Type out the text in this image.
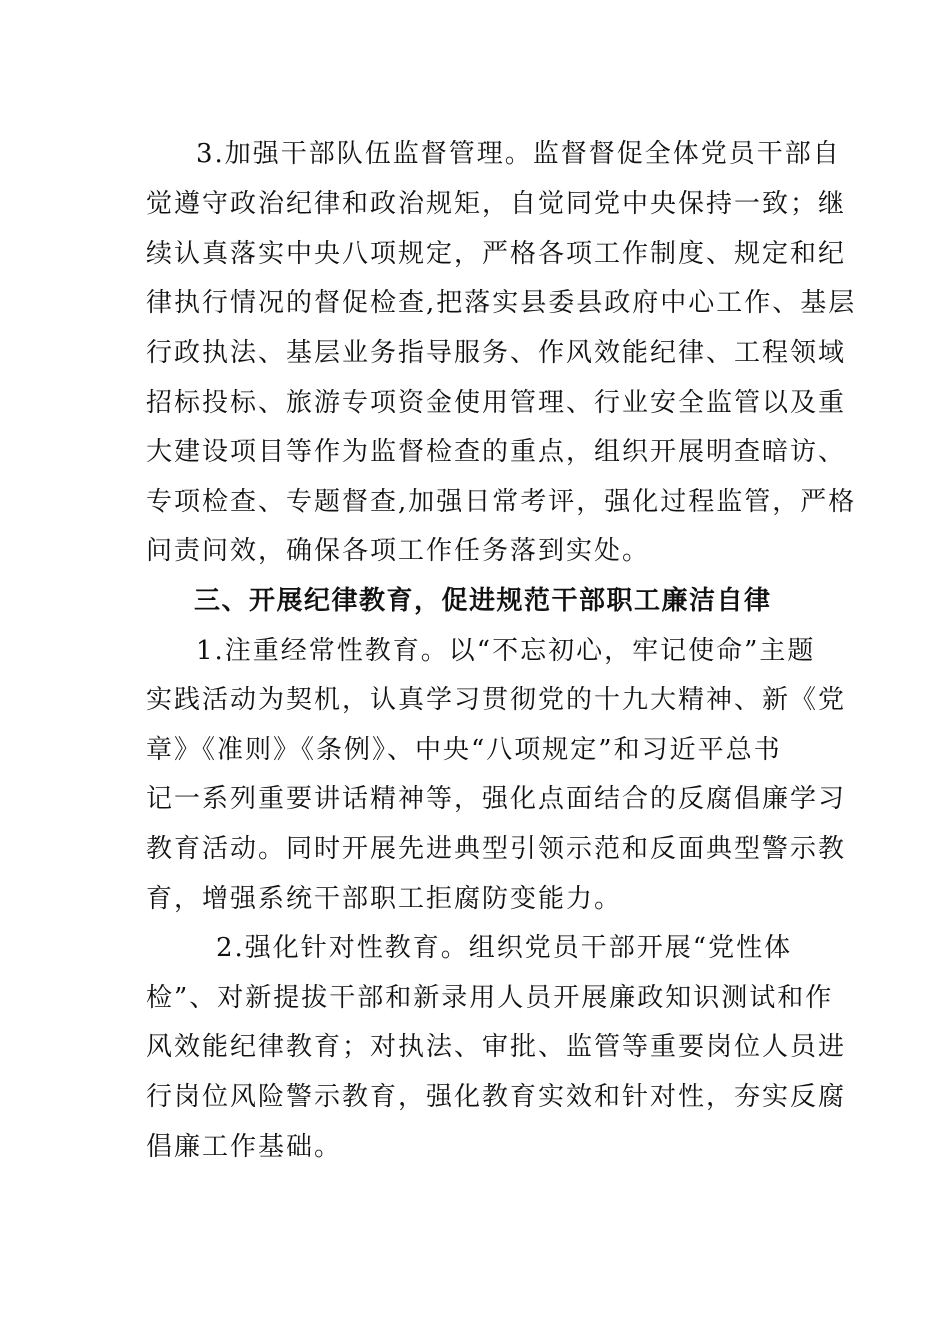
3.加强干部队伍监督管理。监督督促全体党员干部自
觉遵守政治纪律和政治规矩，自觉同党中央保持一致；继
续认真落实中央八项规定，严格各项工作制度、规定和纪
律执行情况的督促检查,把落实县委县政府中心工作、基层
行政执法、基层业务指导服务、作风效能纪律、工程领域
招标投标、旅游专项资金使用管理、行业安全监管以及重
大建设项目等作为监督检查的重点，组织开展明查暗访、
专项检查、专题督查,加强日常考评，强化过程监管，严格
问责问效，确保各项工作任务落到实处。
三、开展纪律教育，促进规范干部职工廉洁自律
1.注重经常性教育。以“不忘初心，牢记使命”主题
实践活动为契机，认真学习贯彻党的十九大精神、新《党
章》《准则》《条例》、中央“八项规定”和习近平总书
记一系列重要讲话精神等，强化点面结合的反腐倡廉学习
教育活动。同时开展先进典型引领示范和反面典型警示教
育，增强系统干部职工拒腐防变能力。
2.强化针对性教育。组织党员干部开展“党性体
检”、对新提拔干部和新录用人员开展廉政知识测试和作
风效能纪律教育；对执法、审批、监管等重要岗位人员进
行岗位风险警示教育，强化教育实效和针对性，夯实反腐
倡廉工作基础。
